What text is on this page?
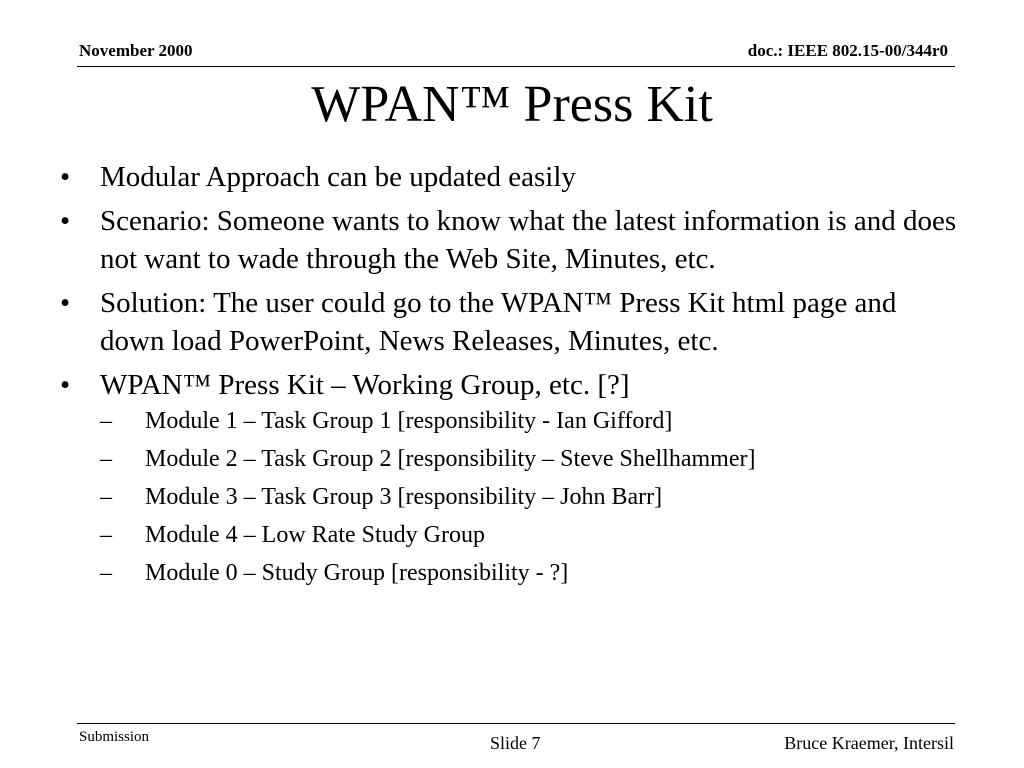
November 2000	doc.: IEEE 802.15-00/344r0
WPAN™ Press Kit
• Modular Approach can be updated easily
• Scenario: Someone wants to know what the latest information is and does not want to wade through the Web Site, Minutes, etc.
• Solution: The user could go to the WPAN™ Press Kit html page and down load PowerPoint, News Releases, Minutes, etc.
• WPAN™ Press Kit – Working Group, etc. [?]
– Module 1 – Task Group 1 [responsibility - Ian Gifford]
– Module 2 – Task Group 2 [responsibility – Steve Shellhammer]
– Module 3 – Task Group 3 [responsibility – John Barr]
– Module 4 – Low Rate Study Group
– Module 0 – Study Group [responsibility - ?]
Submission	Slide 7	Bruce Kraemer, Intersil
